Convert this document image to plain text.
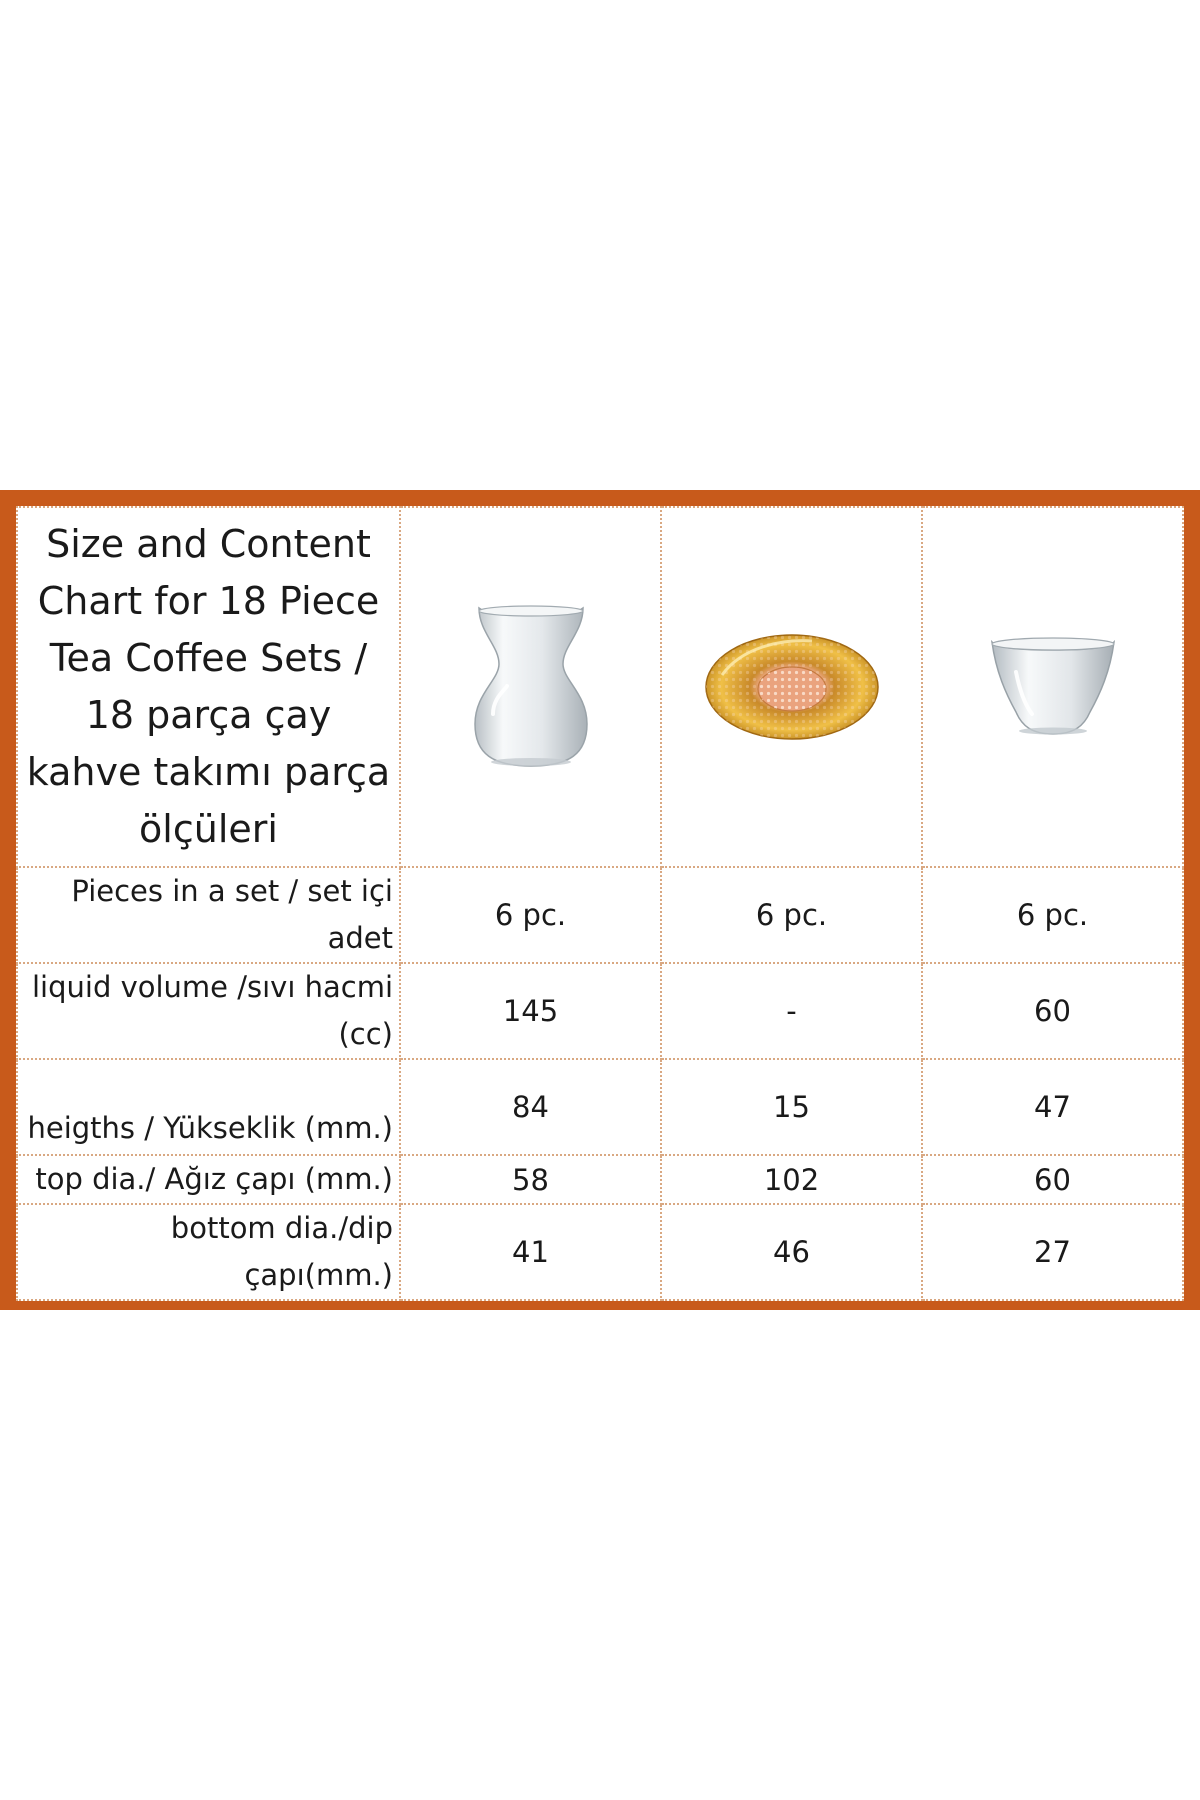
Size and Content Chart for 18 Piece Tea Coffee Sets / 18 parça çay kahve takımı parça ölçüleri	

Pieces in a set / set içi adet	6 pc.	6 pc.	6 pc.
liquid volume /sıvı hacmi (cc)	145	-	60
heigths / Yükseklik (mm.)	84	15	47
top dia./ Ağız çapı (mm.)	58	102	60
bottom dia./dip çapı(mm.)	41	46	27
